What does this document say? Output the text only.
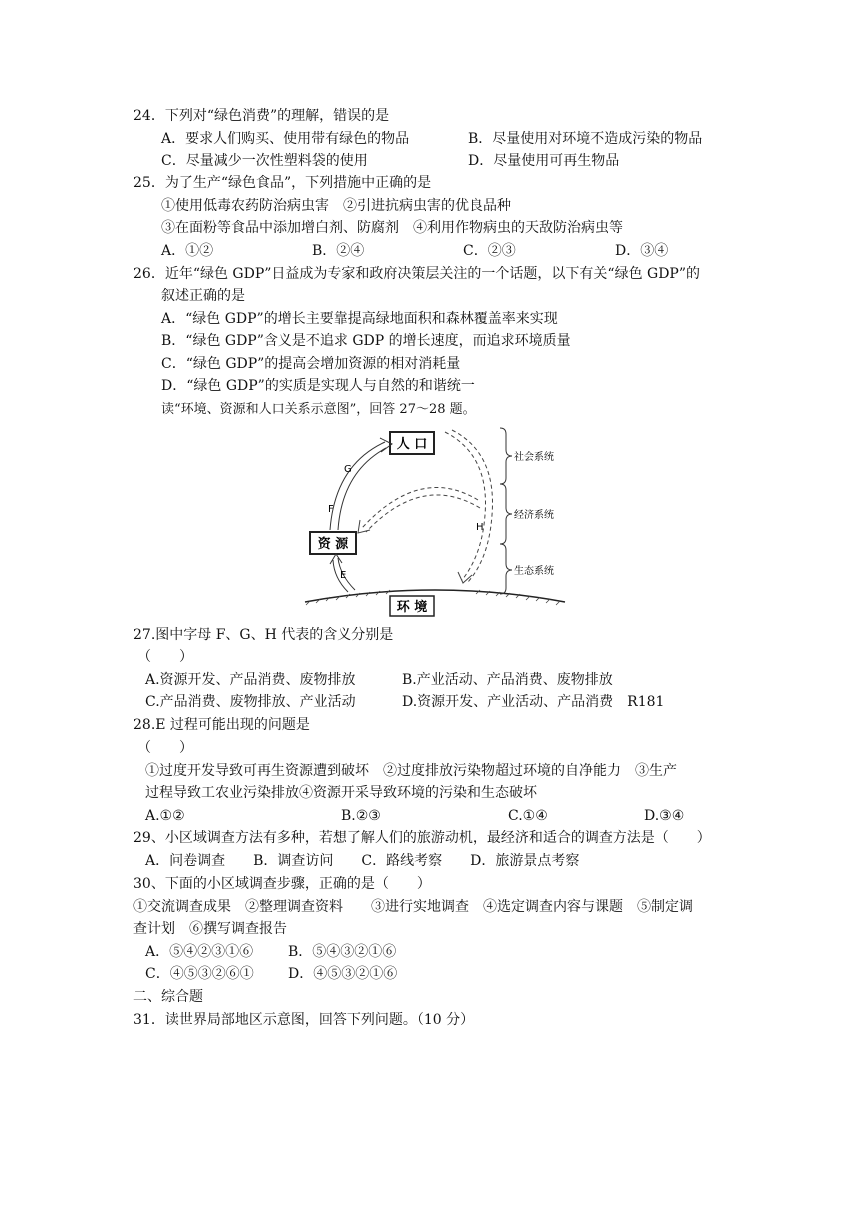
24．下列对“绿色消费”的理解，错误的是
A．要求人们购买、使用带有绿色的物品	B．尽量使用对环境不造成污染的物品
C．尽量减少一次性塑料袋的使用	D．尽量使用可再生物品
25．为了生产“绿色食品”，下列措施中正确的是
①使用低毒农药防治病虫害　②引进抗病虫害的优良品种
③在面粉等食品中添加增白剂、防腐剂　④利用作物病虫的天敌防治病虫等
A．①②	B．②④	C．②③	D．③④
26．近年“绿色 GDP”日益成为专家和政府决策层关注的一个话题，以下有关“绿色 GDP”的
叙述正确的是
A．“绿色 GDP”的增长主要靠提高绿地面积和森林覆盖率来实现
B．“绿色 GDP”含义是不追求 GDP 的增长速度，而追求环境质量
C．“绿色 GDP”的提高会增加资源的相对消耗量
D．“绿色 GDP”的实质是实现人与自然的和谐统一
读“环境、资源和人口关系示意图”，回答 27～28 题。
人 口
资 源
环 境
G
F
E
H
社会系统
经济系统
生态系统
27.图中字母 F、G、H 代表的含义分别是
（　　）
A.资源开发、产品消费、废物排放	B.产业活动、产品消费、废物排放
C.产品消费、废物排放、产业活动	D.资源开发、产业活动、产品消费　R181
28.E 过程可能出现的问题是
（　　）
①过度开发导致可再生资源遭到破坏　②过度排放污染物超过环境的自净能力　③生产
过程导致工农业污染排放④资源开采导致环境的污染和生态破坏
A.①②	B.②③	C.①④	D.③④
29、小区域调查方法有多种，若想了解人们的旅游动机，最经济和适合的调查方法是（　　）
A．问卷调查　　B．调查访问　　C．路线考察　　D．旅游景点考察
30、下面的小区域调查步骤，正确的是（　　）
①交流调查成果　②整理调查资料　　③进行实地调查　④选定调查内容与课题　⑤制定调
查计划　⑥撰写调查报告
A．⑤④②③①⑥ B．⑤④③②①⑥
C．④⑤③②⑥① D．④⑤③②①⑥
二、综合题
31．读世界局部地区示意图，回答下列问题。（10 分）
